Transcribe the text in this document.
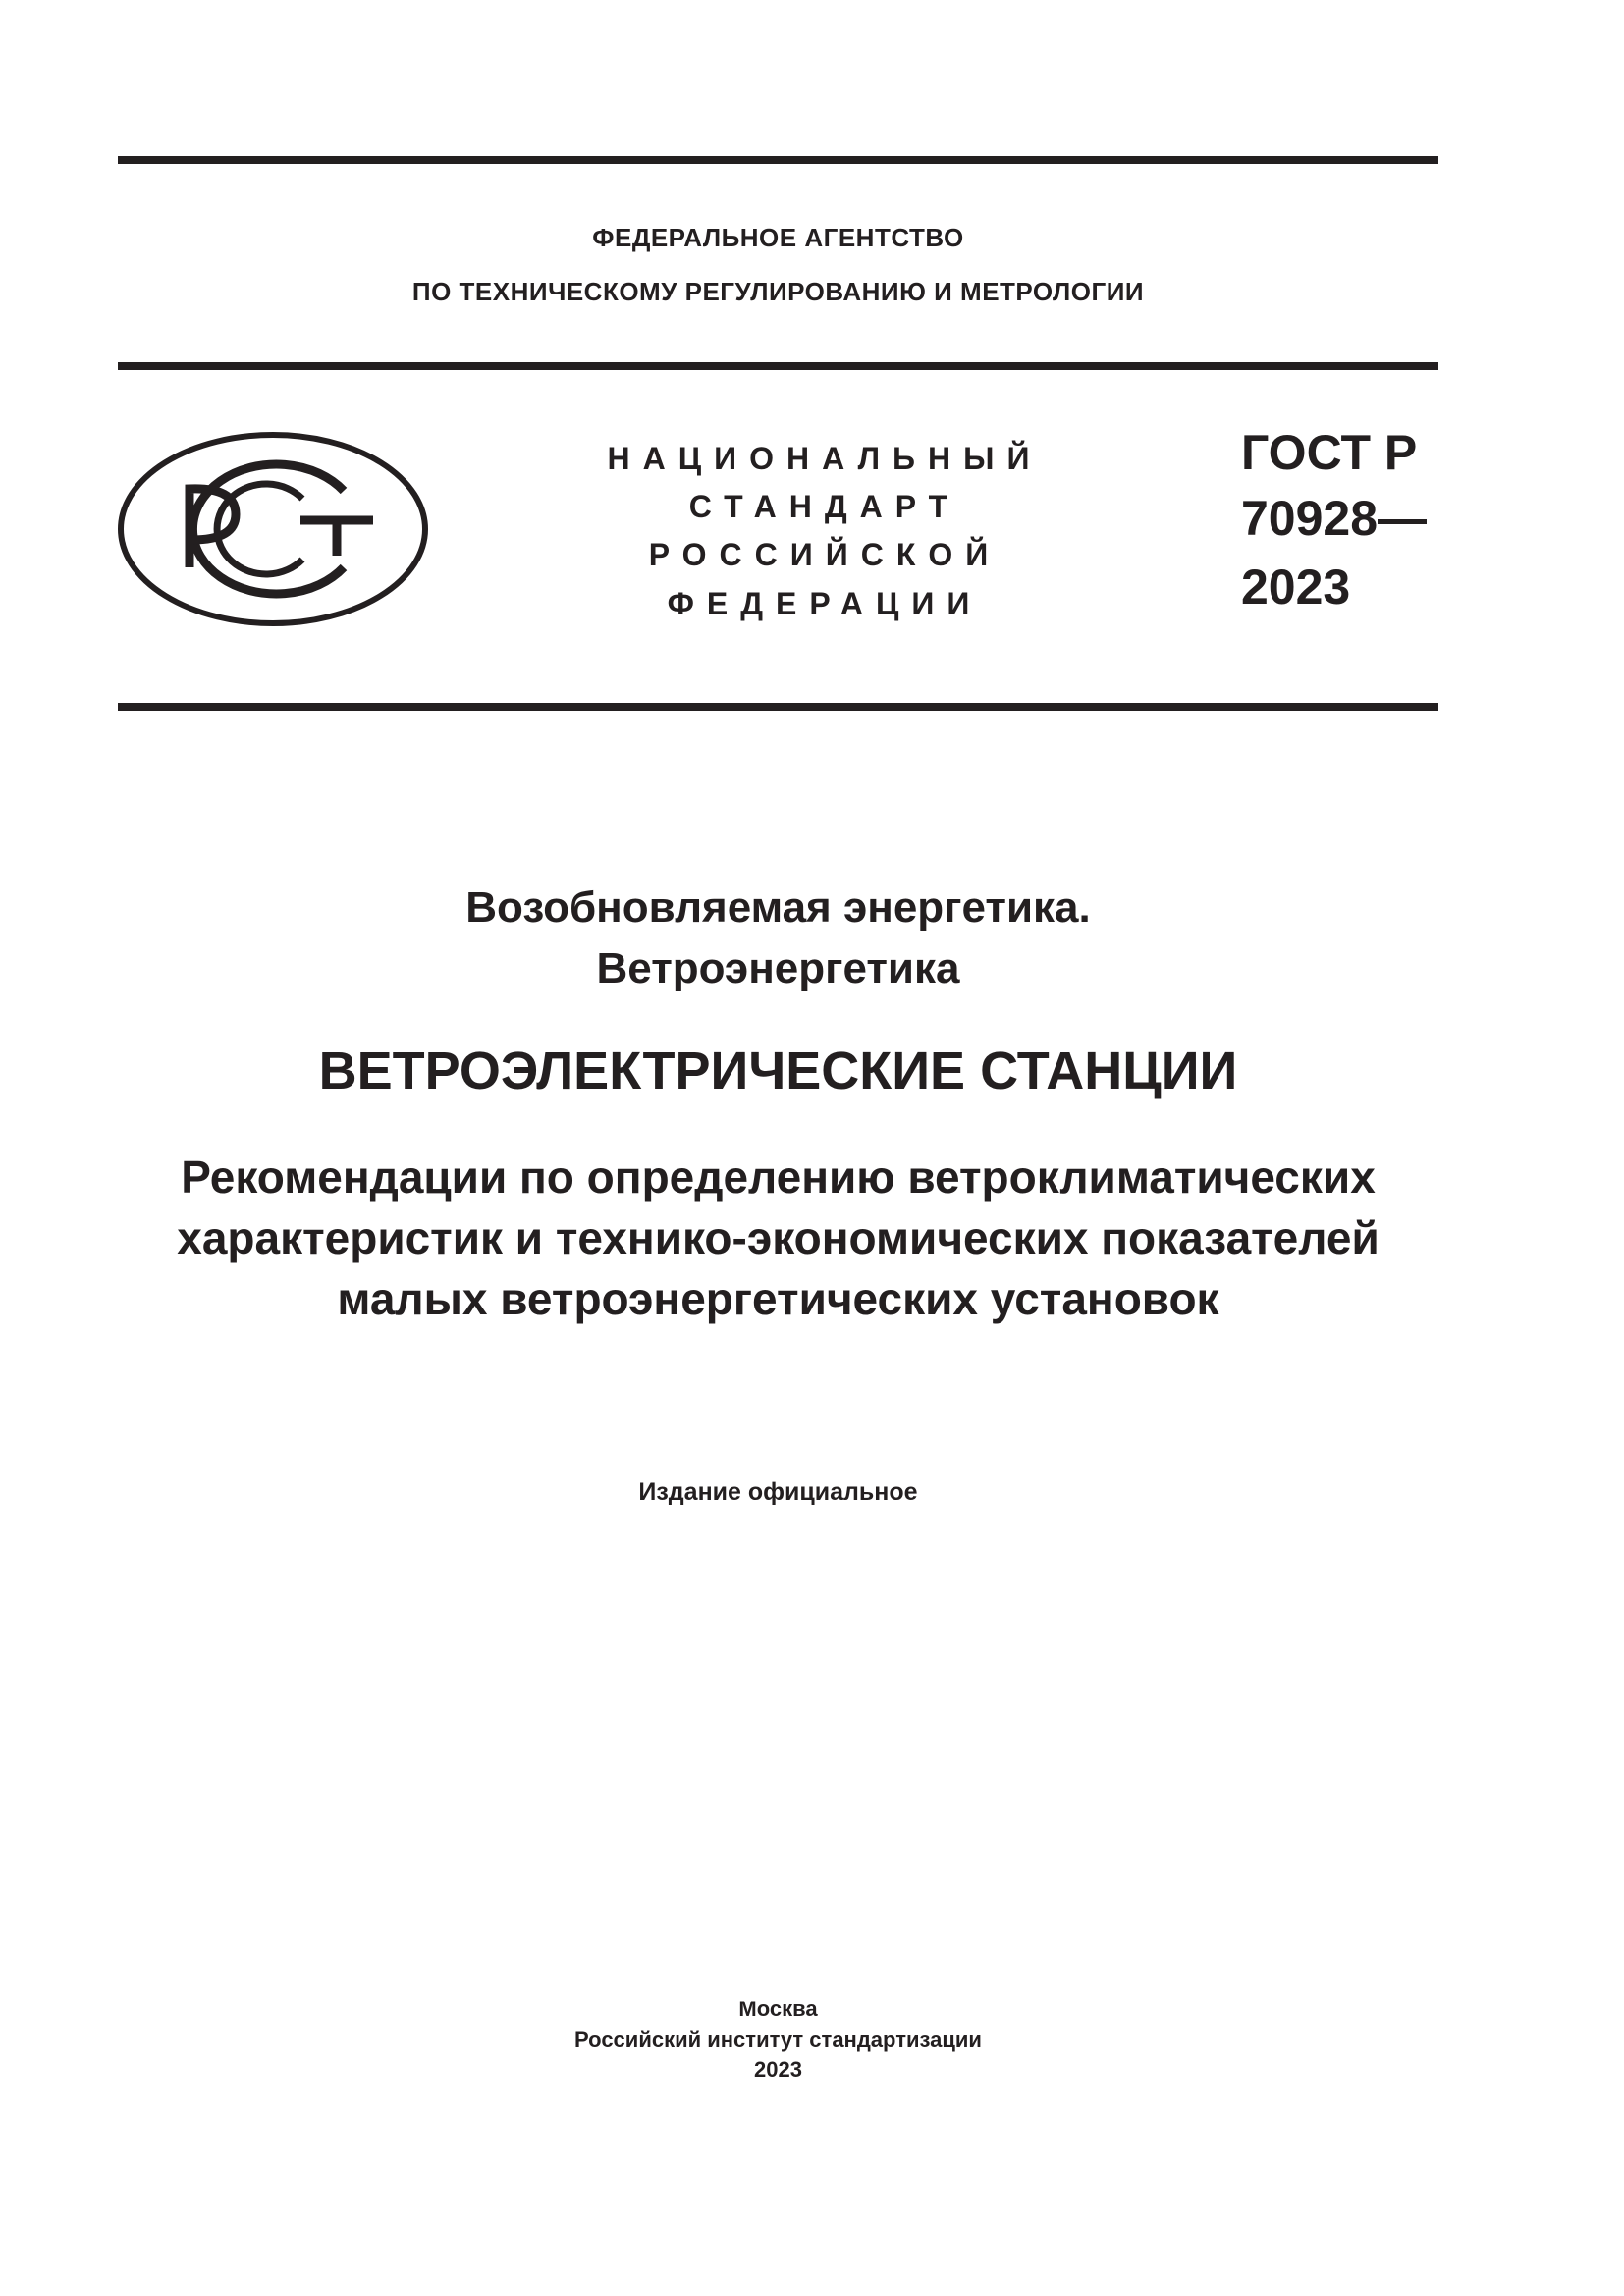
ФЕДЕРАЛЬНОЕ АГЕНТСТВО
ПО ТЕХНИЧЕСКОМУ РЕГУЛИРОВАНИЮ И МЕТРОЛОГИИ
НАЦИОНАЛЬНЫЙ
СТАНДАРТ
РОССИЙСКОЙ
ФЕДЕРАЦИИ
ГОСТ Р
70928—
2023
Возобновляемая энергетика.
Ветроэнергетика
ВЕТРОЭЛЕКТРИЧЕСКИЕ СТАНЦИИ
Рекомендации по определению ветроклиматических
характеристик и технико-экономических показателей
малых ветроэнергетических установок
Издание официальное
Москва
Российский институт стандартизации
2023
